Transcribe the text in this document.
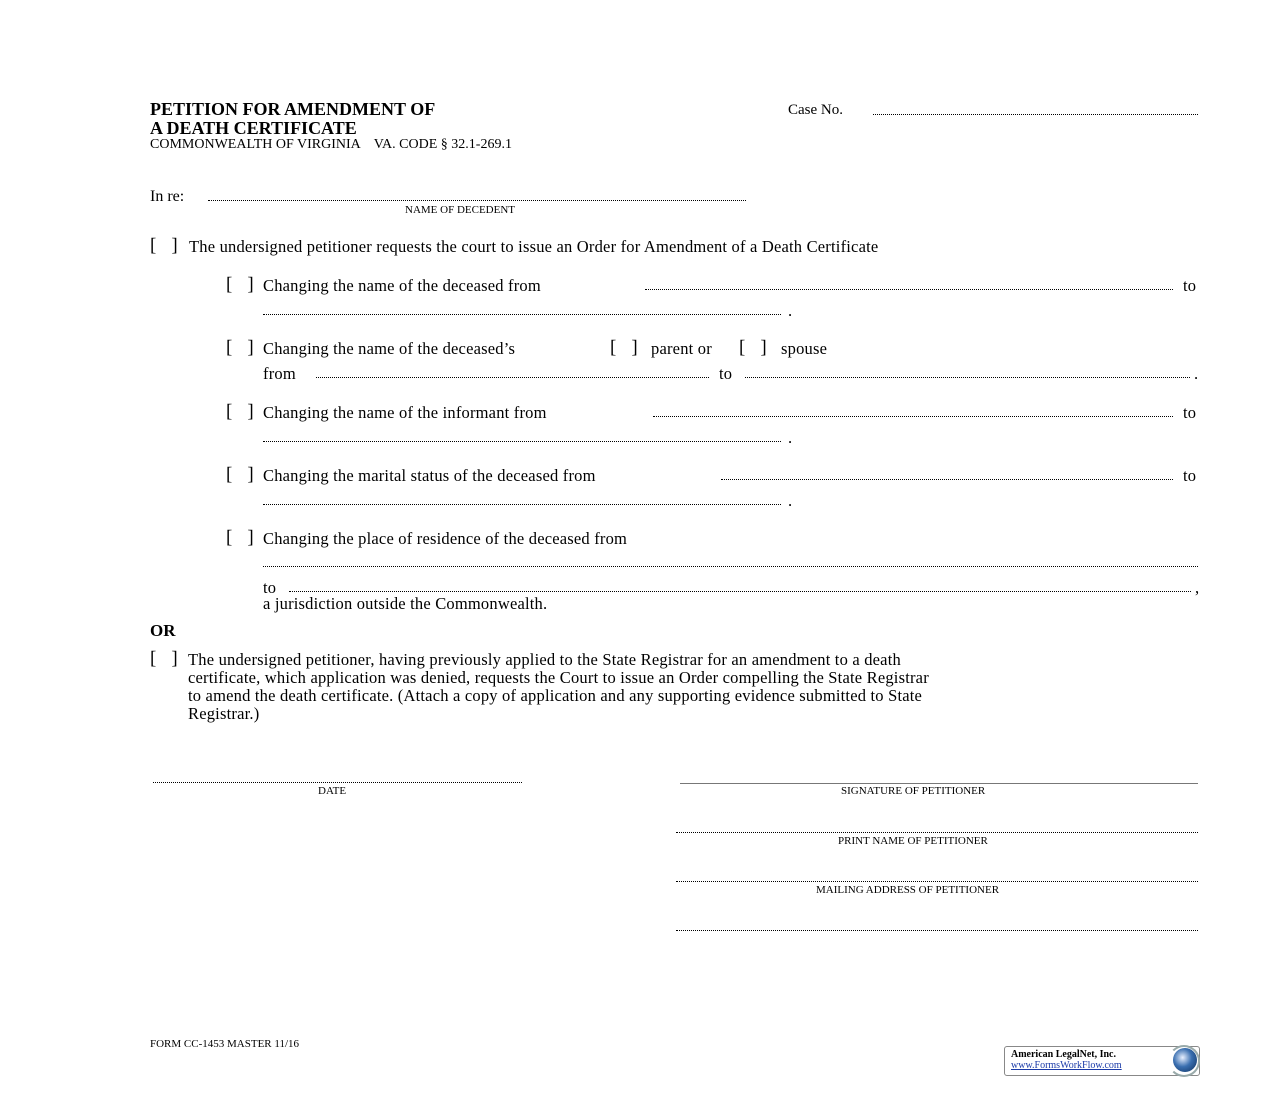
PETITION FOR AMENDMENT OF
A DEATH CERTIFICATE
COMMONWEALTH OF VIRGINIA    VA. CODE § 32.1-269.1
Case No.
In re:
NAME OF DECEDENT
[   ] The undersigned petitioner requests the court to issue an Order for Amendment of a Death Certificate
[   ] Changing the name of the deceased from	to
.
[   ] Changing the name of the deceased’s	[   ] parent or [   ] spouse
from	to	.
[   ] Changing the name of the informant from	to
.
[   ] Changing the marital status of the deceased from	to
.
[   ] Changing the place of residence of the deceased from
to	,
a jurisdiction outside the Commonwealth.
OR
[   ] The undersigned petitioner, having previously applied to the State Registrar for an amendment to a death
certificate, which application was denied, requests the Court to issue an Order compelling the State Registrar
to amend the death certificate. (Attach a copy of application and any supporting evidence submitted to State
Registrar.)
DATE	SIGNATURE OF PETITIONER
PRINT NAME OF PETITIONER
MAILING ADDRESS OF PETITIONER
FORM CC-1453 MASTER 11/16
American LegalNet, Inc.
www.FormsWorkFlow.com
